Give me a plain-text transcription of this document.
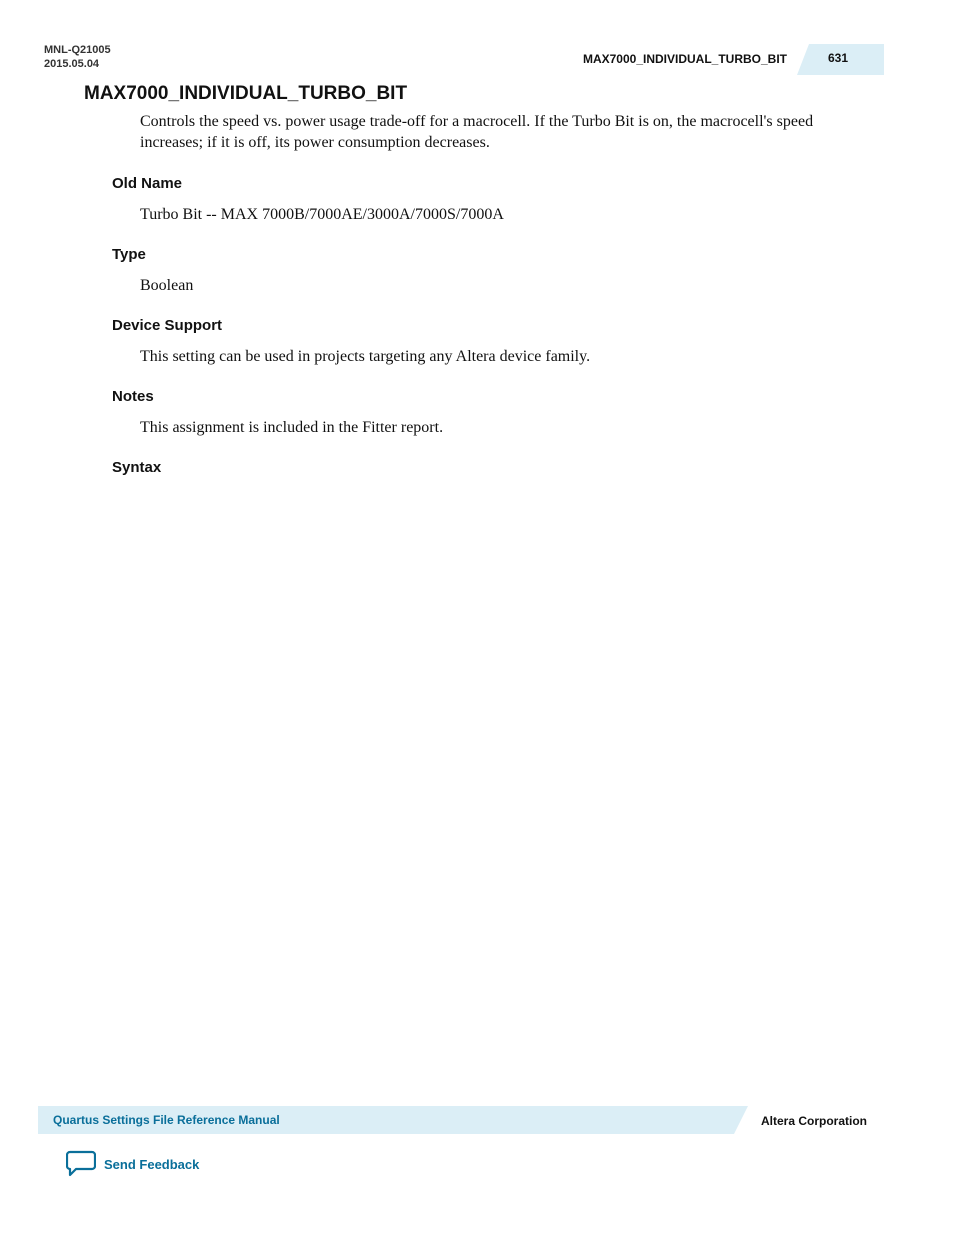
MNL-Q21005
2015.05.04	MAX7000_INDIVIDUAL_TURBO_BIT	631
MAX7000_INDIVIDUAL_TURBO_BIT

Controls the speed vs. power usage trade-off for a macrocell. If the Turbo Bit is on, the macrocell's speed increases; if it is off, its power consumption decreases.

Old Name

Turbo Bit -- MAX 7000B/7000AE/3000A/7000S/7000A

Type

Boolean

Device Support

This setting can be used in projects targeting any Altera device family.

Notes

This assignment is included in the Fitter report.

Syntax
Quartus Settings File Reference Manual	Altera Corporation
Send Feedback
